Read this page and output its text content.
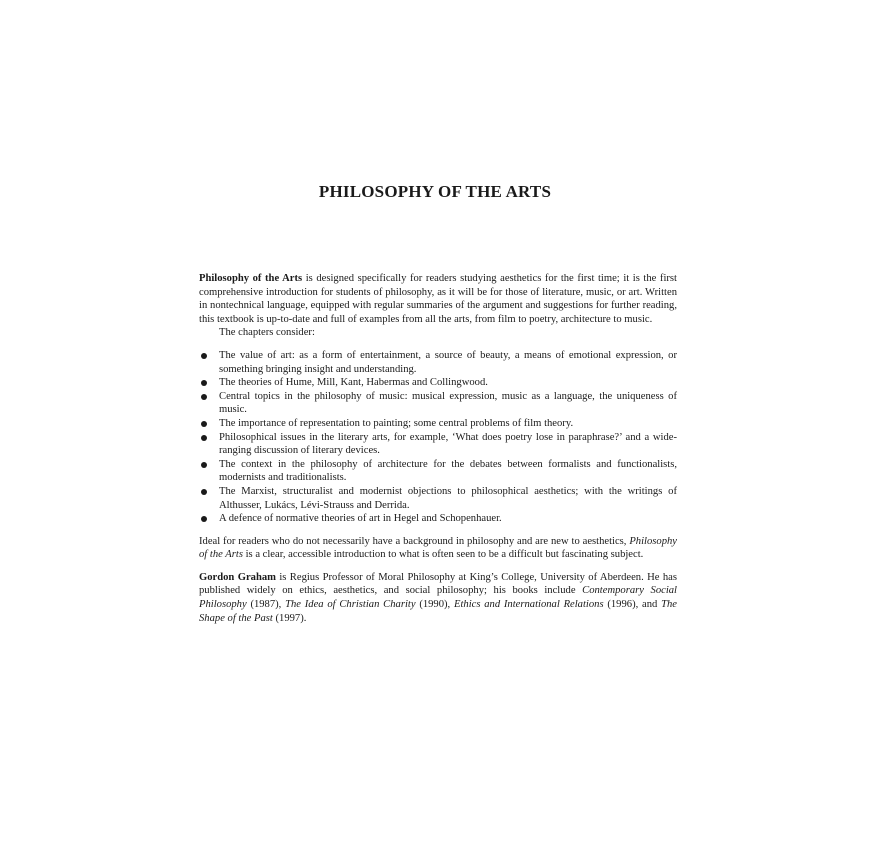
PHILOSOPHY OF THE ARTS

Philosophy of the Arts is designed specifically for readers studying aesthetics for the first time; it is the first comprehensive introduction for students of philosophy, as it will be for those of literature, music, or art. Written in nontechnical language, equipped with regular summaries of the argument and suggestions for further reading, this textbook is up-to-date and full of examples from all the arts, from film to poetry, architecture to music.

The chapters consider:

The value of art: as a form of entertainment, a source of beauty, a means of emotional expression, or something bringing insight and understanding.
The theories of Hume, Mill, Kant, Habermas and Collingwood.
Central topics in the philosophy of music: musical expression, music as a language, the uniqueness of music.
The importance of representation to painting; some central problems of film theory.
Philosophical issues in the literary arts, for example, ‘What does poetry lose in paraphrase?’ and a wide-ranging discussion of literary devices.
The context in the philosophy of architecture for the debates between formalists and functionalists, modernists and traditionalists.
The Marxist, structuralist and modernist objections to philosophical aesthetics; with the writings of Althusser, Lukács, Lévi-Strauss and Derrida.
A defence of normative theories of art in Hegel and Schopenhauer.

Ideal for readers who do not necessarily have a background in philosophy and are new to aesthetics, Philosophy of the Arts is a clear, accessible introduction to what is often seen to be a difficult but fascinating subject.

Gordon Graham is Regius Professor of Moral Philosophy at King’s College, University of Aberdeen. He has published widely on ethics, aesthetics, and social philosophy; his books include Contemporary Social Philosophy (1987), The Idea of Christian Charity (1990), Ethics and International Relations (1996), and The Shape of the Past (1997).
